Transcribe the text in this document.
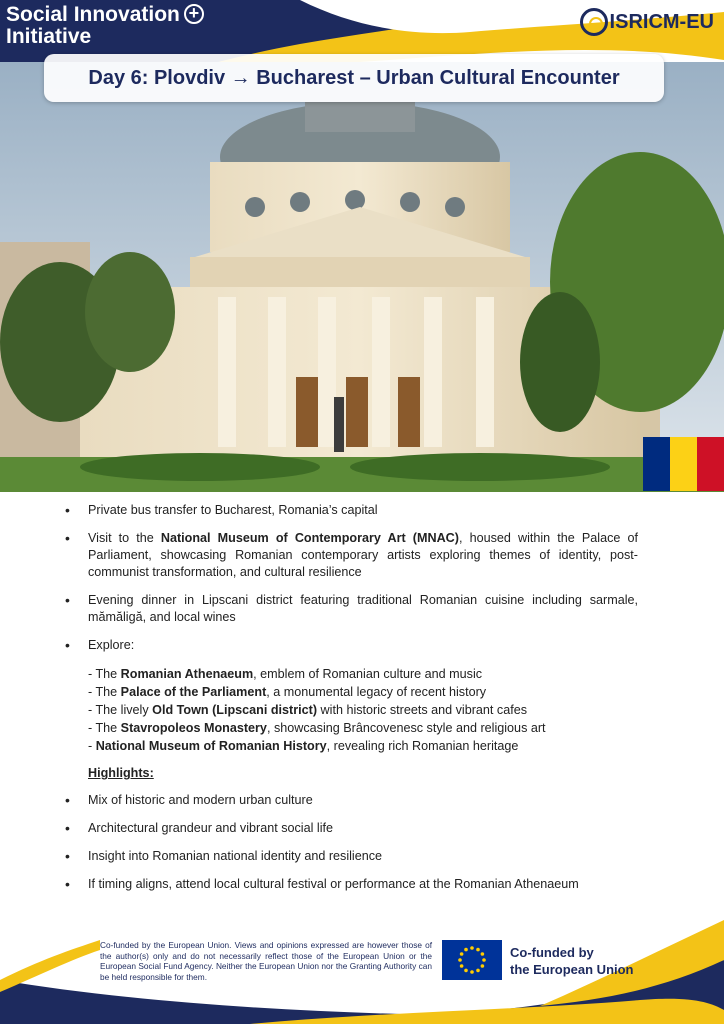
Social Innovation +
Initiative
ISRICM-EU
Day 6: Plovdiv → Bucharest – Urban Cultural Encounter
• Private bus transfer to Bucharest, Romania’s capital
• Visit to the National Museum of Contemporary Art (MNAC), housed within the Palace of Parliament, showcasing Romanian contemporary artists exploring themes of identity, post-communist transformation, and cultural resilience
• Evening dinner in Lipscani district featuring traditional Romanian cuisine including sarmale, mămăligă, and local wines
• Explore:
- The Romanian Athenaeum, emblem of Romanian culture and music
- The Palace of the Parliament, a monumental legacy of recent history
- The lively Old Town (Lipscani district) with historic streets and vibrant cafes
- The Stavropoleos Monastery, showcasing Brâncovenesc style and religious art
- National Museum of Romanian History, revealing rich Romanian heritage
Highlights:
• Mix of historic and modern urban culture
• Architectural grandeur and vibrant social life
• Insight into Romanian national identity and resilience
• If timing aligns, attend local cultural festival or performance at the Romanian Athenaeum
Co-funded by the European Union. Views and opinions expressed are however those of the author(s) only and do not necessarily reflect those of the European Union or the European Social Fund Agency. Neither the European Union nor the Granting Authority can be held responsible for them.
Co-funded by
the European Union
